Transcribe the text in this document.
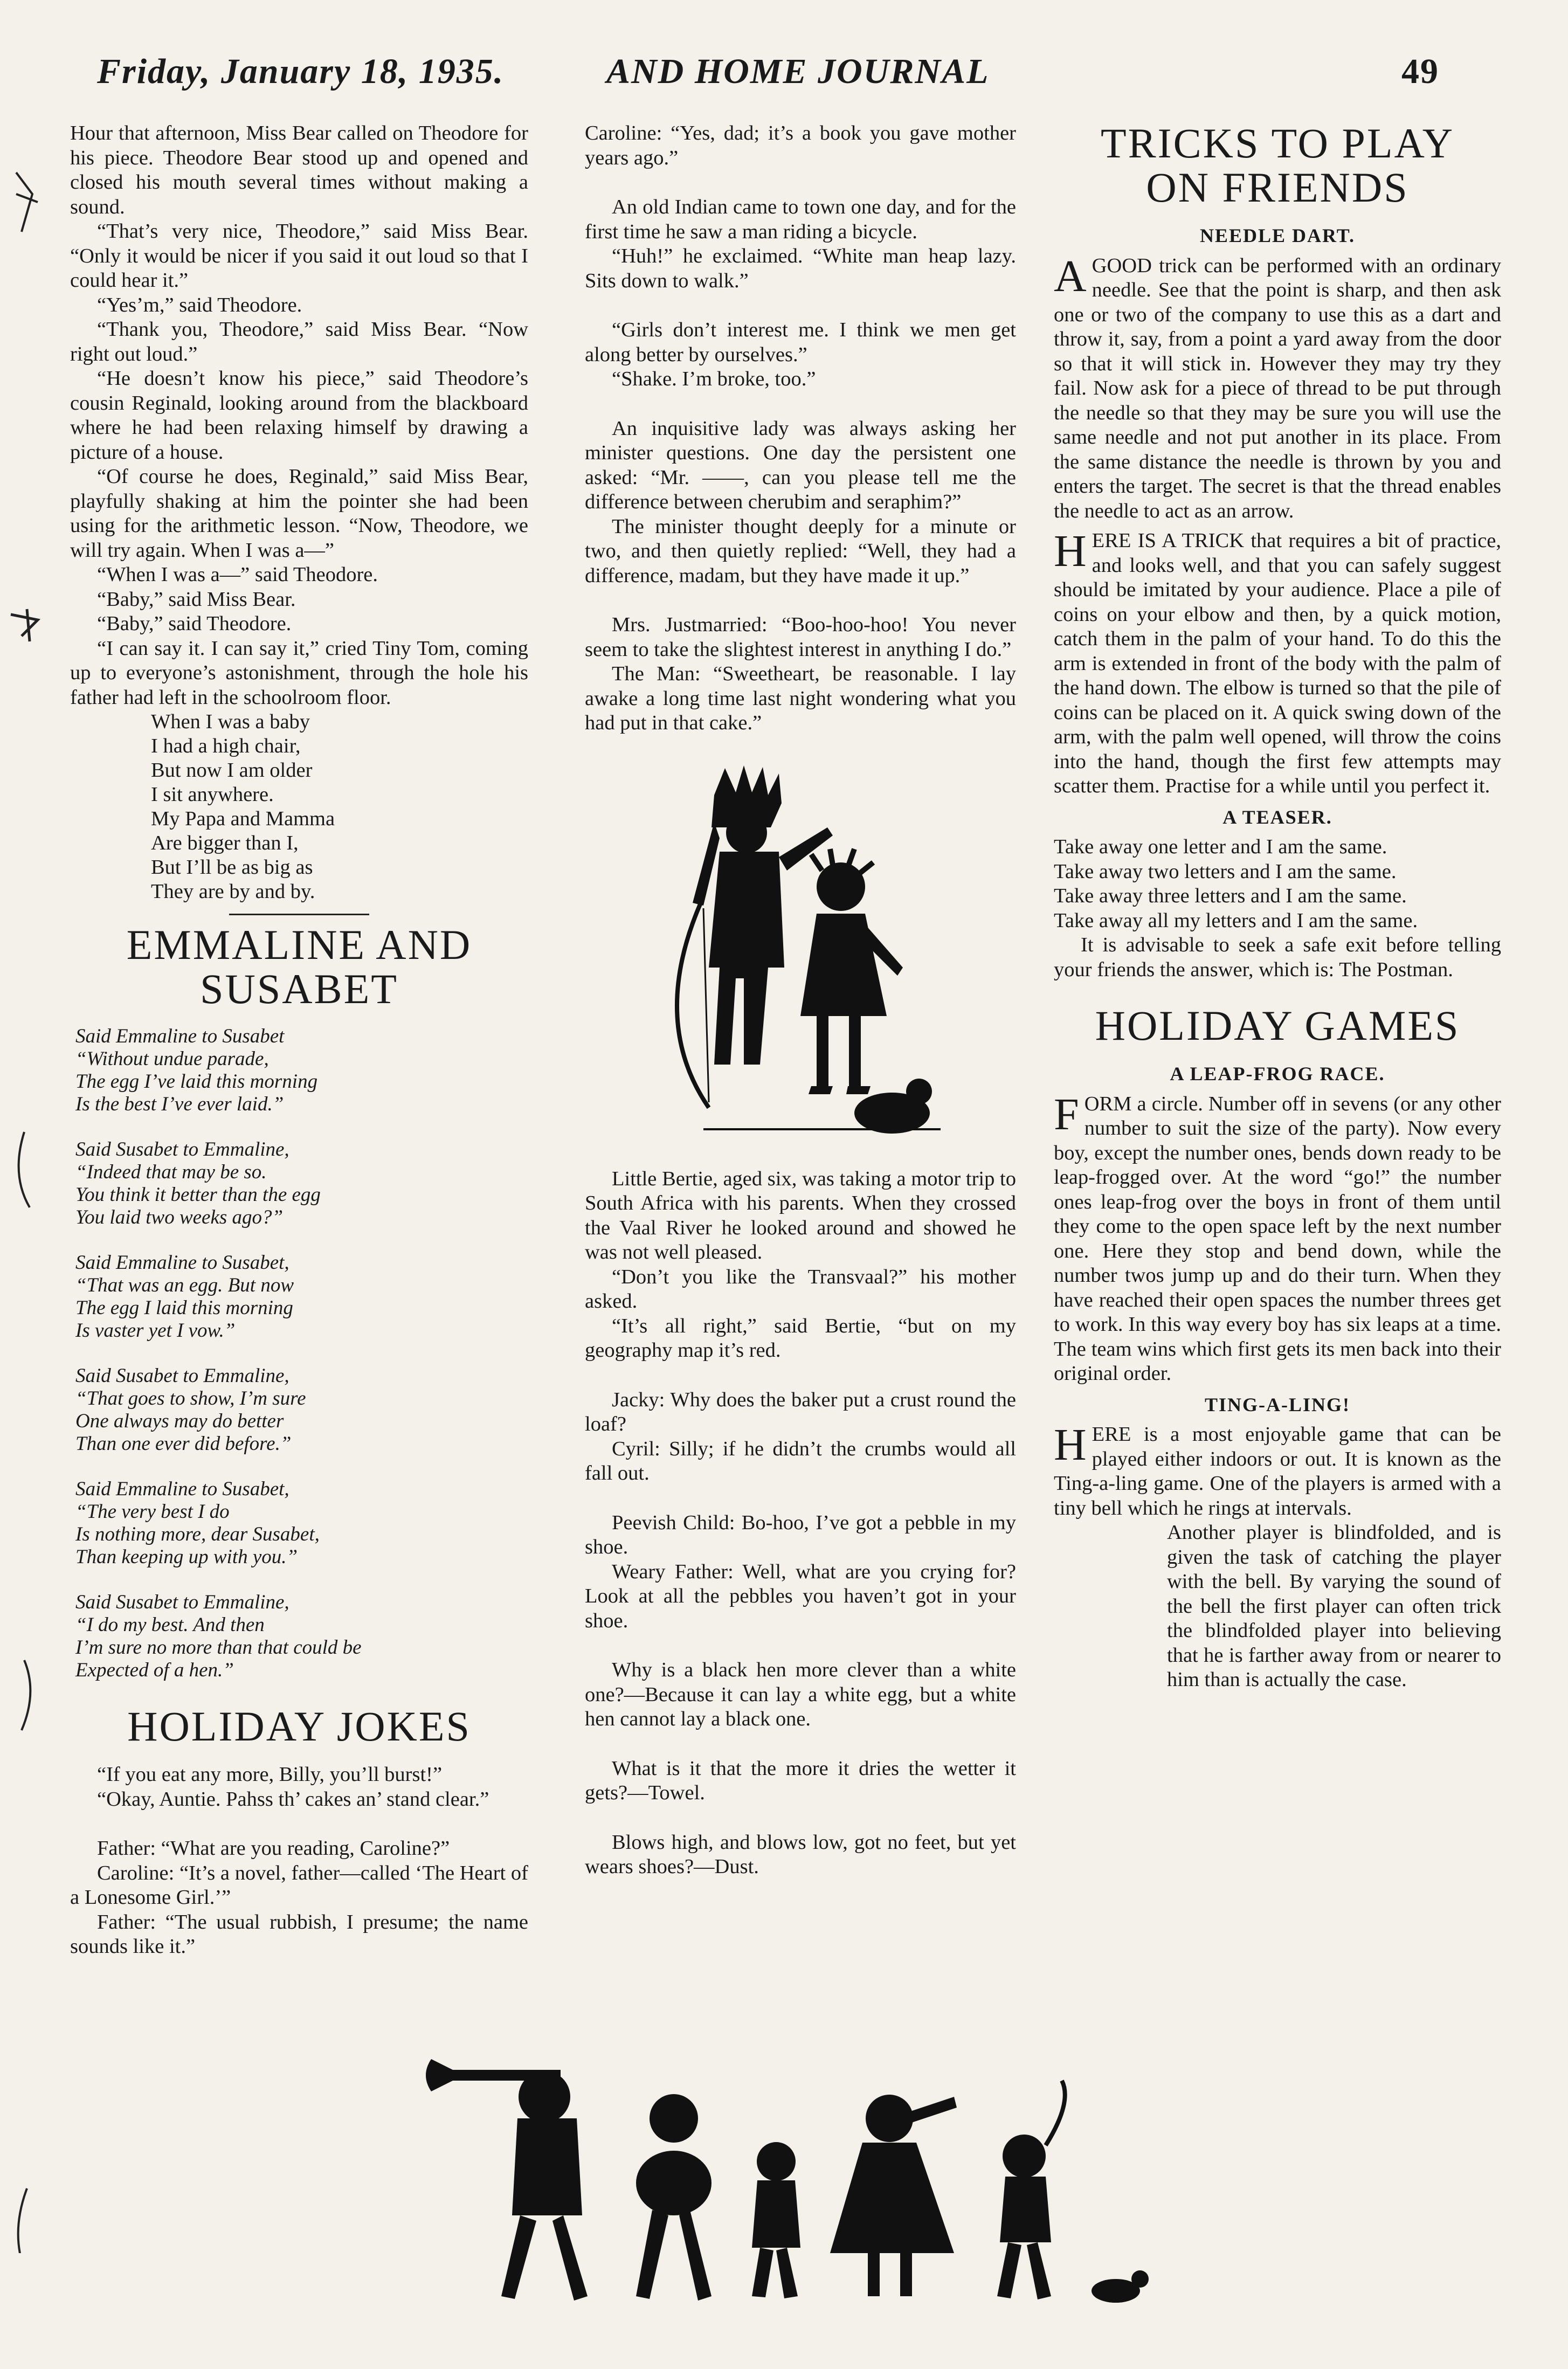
Friday, January 18, 1935.	AND HOME JOURNAL	49

Hour that afternoon, Miss Bear called on Theodore for his piece. Theodore Bear stood up and opened and closed his mouth several times without making a sound.

“That’s very nice, Theodore,” said Miss Bear. “Only it would be nicer if you said it out loud so that I could hear it.”

“Yes’m,” said Theodore.

“Thank you, Theodore,” said Miss Bear. “Now right out loud.”

“He doesn’t know his piece,” said Theodore’s cousin Reginald, looking around from the blackboard where he had been relaxing himself by drawing a picture of a house.

“Of course he does, Reginald,” said Miss Bear, playfully shaking at him the pointer she had been using for the arithmetic lesson. “Now, Theodore, we will try again. When I was a—”

“When I was a—” said Theodore.

“Baby,” said Miss Bear.

“Baby,” said Theodore.

“I can say it. I can say it,” cried Tiny Tom, coming up to everyone’s astonishment, through the hole his father had left in the schoolroom floor.

When I was a baby
I had a high chair,
But now I am older
I sit anywhere.
My Papa and Mamma
Are bigger than I,
But I’ll be as big as
They are by and by.
EMMALINE AND
SUSABET
Said Emmaline to Susabet
“Without undue parade,
The egg I’ve laid this morning
Is the best I’ve ever laid.”
Said Susabet to Emmaline,
“Indeed that may be so.
You think it better than the egg
You laid two weeks ago?”
Said Emmaline to Susabet,
“That was an egg. But now
The egg I laid this morning
Is vaster yet I vow.”
Said Susabet to Emmaline,
“That goes to show, I’m sure
One always may do better
Than one ever did before.”
Said Emmaline to Susabet,
“The very best I do
Is nothing more, dear Susabet,
Than keeping up with you.”
Said Susabet to Emmaline,
“I do my best. And then
I’m sure no more than that could be
Expected of a hen.”
HOLIDAY JOKES

“If you eat any more, Billy, you’ll burst!”

“Okay, Auntie. Pahss th’ cakes an’ stand clear.”

Father: “What are you reading, Caroline?”

Caroline: “It’s a novel, father—called ‘The Heart of a Lonesome Girl.’”

Father: “The usual rubbish, I presume; the name sounds like it.”

Caroline: “Yes, dad; it’s a book you gave mother years ago.”

An old Indian came to town one day, and for the first time he saw a man riding a bicycle.

“Huh!” he exclaimed. “White man heap lazy. Sits down to walk.”

“Girls don’t interest me. I think we men get along better by ourselves.”

“Shake. I’m broke, too.”

An inquisitive lady was always asking her minister questions. One day the persistent one asked: “Mr. ——, can you please tell me the difference between cherubim and seraphim?”

The minister thought deeply for a minute or two, and then quietly replied: “Well, they had a difference, madam, but they have made it up.”

Mrs. Justmarried: “Boo-hoo-hoo! You never seem to take the slightest interest in anything I do.”

The Man: “Sweetheart, be reasonable. I lay awake a long time last night wondering what you had put in that cake.”

Little Bertie, aged six, was taking a motor trip to South Africa with his parents. When they crossed the Vaal River he looked around and showed he was not well pleased.

“Don’t you like the Transvaal?” his mother asked.

“It’s all right,” said Bertie, “but on my geography map it’s red.

Jacky: Why does the baker put a crust round the loaf?

Cyril: Silly; if he didn’t the crumbs would all fall out.

Peevish Child: Bo-hoo, I’ve got a pebble in my shoe.

Weary Father: Well, what are you crying for? Look at all the pebbles you haven’t got in your shoe.

Why is a black hen more clever than a white one?—Because it can lay a white egg, but a white hen cannot lay a black one.

What is it that the more it dries the wetter it gets?—Towel.

Blows high, and blows low, got no feet, but yet wears shoes?—Dust.

TRICKS TO PLAY
ON FRIENDS
NEEDLE DART.
A GOOD trick can be performed with an ordinary needle. See that the point is sharp, and then ask one or two of the company to use this as a dart and throw it, say, from a point a yard away from the door so that it will stick in. However they may try they fail. Now ask for a piece of thread to be put through the needle so that they may be sure you will use the same needle and not put another in its place. From the same distance the needle is thrown by you and enters the target. The secret is that the thread enables the needle to act as an arrow.
H ERE IS A TRICK that requires a bit of practice, and looks well, and that you can safely suggest should be imitated by your audience. Place a pile of coins on your elbow and then, by a quick motion, catch them in the palm of your hand. To do this the arm is extended in front of the body with the palm of the hand down. The elbow is turned so that the pile of coins can be placed on it. A quick swing down of the arm, with the palm well opened, will throw the coins into the hand, though the first few attempts may scatter them. Practise for a while until you perfect it.
A TEASER.

Take away one letter and I am the same.

Take away two letters and I am the same.

Take away three letters and I am the same.

Take away all my letters and I am the same.

It is advisable to seek a safe exit before telling your friends the answer, which is: The Postman.

HOLIDAY GAMES
A LEAP-FROG RACE.
F ORM a circle. Number off in sevens (or any other number to suit the size of the party). Now every boy, except the number ones, bends down ready to be leap-frogged over. At the word “go!” the number ones leap-frog over the boys in front of them until they come to the open space left by the next number one. Here they stop and bend down, while the number twos jump up and do their turn. When they have reached their open spaces the number threes get to work. In this way every boy has six leaps at a time. The team wins which first gets its men back into their original order.
TING-A-LING!
H ERE is a most enjoyable game that can be played either indoors or out. It is known as the Ting-a-ling game. One of the players is armed with a tiny bell which he rings at intervals.
Another player is blindfolded, and is given the task of catching the player with the bell. By varying the sound of the bell the first player can often trick the blindfolded player into believing that he is farther away from or nearer to him than is actually the case.
